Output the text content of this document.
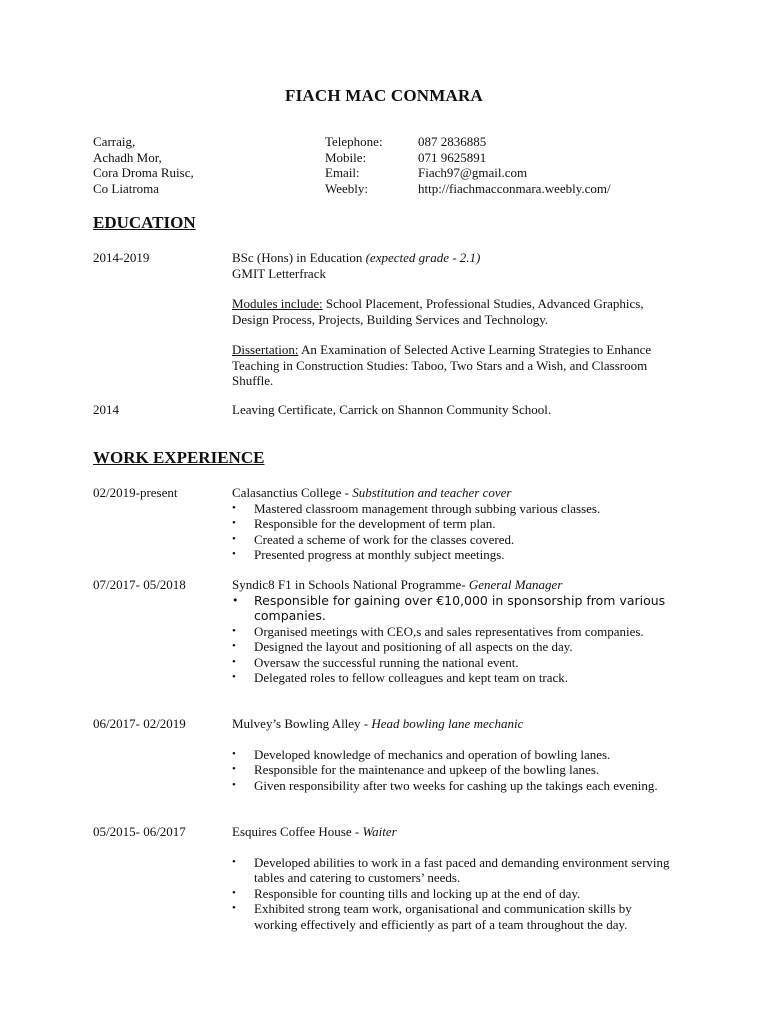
FIACH MAC CONMARA
Carraig,
Achadh Mor,
Cora Droma Ruisc,
Co Liatroma
Telephone:	087 2836885
Mobile:	071 9625891
Email:	Fiach97@gmail.com
Weebly:	http://fiachmacconmara.weebly.com/
EDUCATION
2014-2019	BSc (Hons) in Education (expected grade - 2.1)

GMIT Letterfrack

Modules include: School Placement, Professional Studies, Advanced Graphics, Design Process, Projects, Building Services and Technology.

Dissertation: An Examination of Selected Active Learning Strategies to Enhance Teaching in Construction Studies: Taboo, Two Stars and a Wish, and Classroom Shuffle.

2014	Leaving Certificate, Carrick on Shannon Community School.
WORK EXPERIENCE
02/2019-present	Calasanctius College - Substitution and teacher cover

• Mastered classroom management through subbing various classes.
• Responsible for the development of term plan.
• Created a scheme of work for the classes covered.
• Presented progress at monthly subject meetings.
07/2017- 05/2018	Syndic8 F1 in Schools National Programme- General Manager

• Responsible for gaining over €10,000 in sponsorship from various companies.
• Organised meetings with CEO,s and sales representatives from companies.
• Designed the layout and positioning of all aspects on the day.
• Oversaw the successful running the national event.
• Delegated roles to fellow colleagues and kept team on track.
06/2017- 02/2019	Mulvey’s Bowling Alley - Head bowling lane mechanic

• Developed knowledge of mechanics and operation of bowling lanes.
• Responsible for the maintenance and upkeep of the bowling lanes.
• Given responsibility after two weeks for cashing up the takings each evening.
05/2015- 06/2017	Esquires Coffee House - Waiter

• Developed abilities to work in a fast paced and demanding environment serving tables and catering to customers’ needs.
• Responsible for counting tills and locking up at the end of day.
• Exhibited strong team work, organisational and communication skills by working effectively and efficiently as part of a team throughout the day.
